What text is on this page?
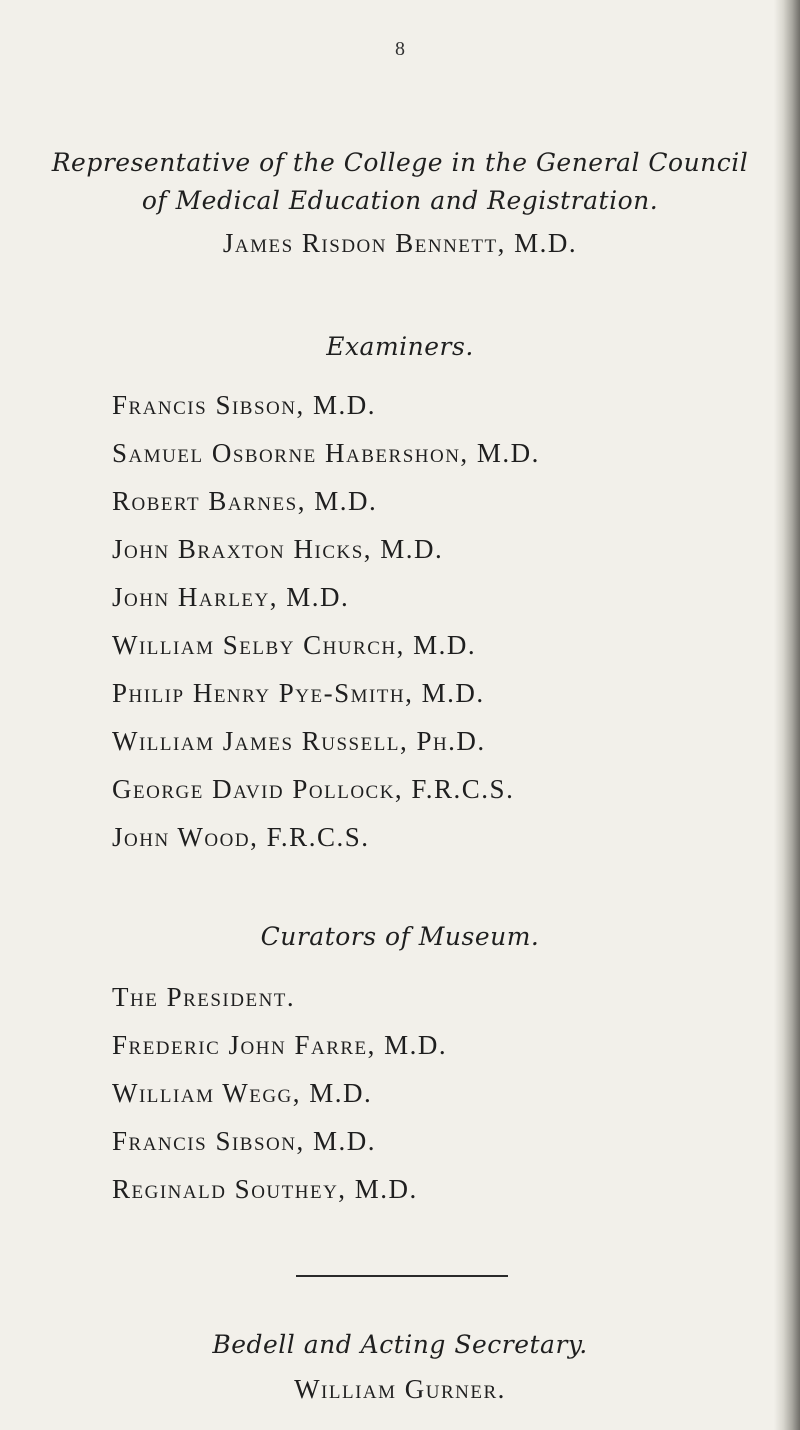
8
Representative of the College in the General Council
of Medical Education and Registration.
James Risdon Bennett, M.D.
Examiners.
Francis Sibson, M.D.
Samuel Osborne Habershon, M.D.
Robert Barnes, M.D.
John Braxton Hicks, M.D.
John Harley, M.D.
William Selby Church, M.D.
Philip Henry Pye-Smith, M.D.
William James Russell, Ph.D.
George David Pollock, F.R.C.S.
John Wood, F.R.C.S.
Curators of Museum.
The President.
Frederic John Farre, M.D.
William Wegg, M.D.
Francis Sibson, M.D.
Reginald Southey, M.D.
Bedell and Acting Secretary.
William Gurner.
